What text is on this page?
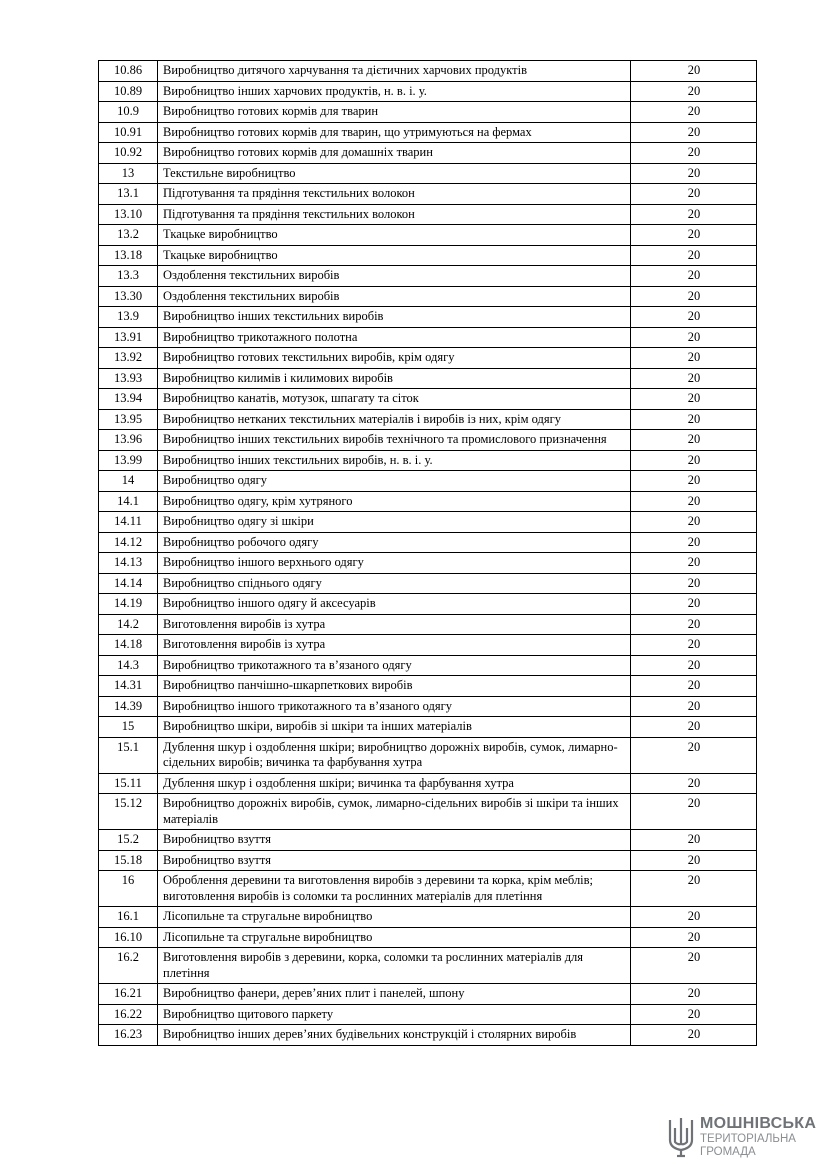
10.86	Виробництво дитячого харчування та дієтичних харчових продуктів	20
10.89	Виробництво інших харчових продуктів, н. в. і. у.	20
10.9	Виробництво готових кормів для тварин	20
10.91	Виробництво готових кормів для тварин, що утримуються на фермах	20
10.92	Виробництво готових кормів для домашніх тварин	20
13	Текстильне виробництво	20
13.1	Підготування та прядіння текстильних волокон	20
13.10	Підготування та прядіння текстильних волокон	20
13.2	Ткацьке виробництво	20
13.18	Ткацьке виробництво	20
13.3	Оздоблення текстильних виробів	20
13.30	Оздоблення текстильних виробів	20
13.9	Виробництво інших текстильних виробів	20
13.91	Виробництво трикотажного полотна	20
13.92	Виробництво готових текстильних виробів, крім одягу	20
13.93	Виробництво килимів і килимових виробів	20
13.94	Виробництво канатів, мотузок, шпагату та сіток	20
13.95	Виробництво нетканих текстильних матеріалів і виробів із них, крім одягу	20
13.96	Виробництво інших текстильних виробів технічного та промислового призначення	20
13.99	Виробництво інших текстильних виробів, н. в. і. у.	20
14	Виробництво одягу	20
14.1	Виробництво одягу, крім хутряного	20
14.11	Виробництво одягу зі шкіри	20
14.12	Виробництво робочого одягу	20
14.13	Виробництво іншого верхнього одягу	20
14.14	Виробництво спіднього одягу	20
14.19	Виробництво іншого одягу й аксесуарів	20
14.2	Виготовлення виробів із хутра	20
14.18	Виготовлення виробів із хутра	20
14.3	Виробництво трикотажного та в’язаного одягу	20
14.31	Виробництво панчішно-шкарпеткових виробів	20
14.39	Виробництво іншого трикотажного та в’язаного одягу	20
15	Виробництво шкіри, виробів зі шкіри та інших матеріалів	20
15.1	Дублення шкур і оздоблення шкіри; виробництво дорожніх виробів, сумок, лимарно-сідельних виробів; вичинка та фарбування хутра	20
15.11	Дублення шкур і оздоблення шкіри; вичинка та фарбування хутра	20
15.12	Виробництво дорожніх виробів, сумок, лимарно-сідельних виробів зі шкіри та інших матеріалів	20
15.2	Виробництво взуття	20
15.18	Виробництво взуття	20
16	Оброблення деревини та виготовлення виробів з деревини та корка, крім меблів; виготовлення виробів із соломки та рослинних матеріалів для плетіння	20
16.1	Лісопильне та стругальне виробництво	20
16.10	Лісопильне та стругальне виробництво	20
16.2	Виготовлення виробів з деревини, корка, соломки та рослинних матеріалів для плетіння	20
16.21	Виробництво фанери, дерев’яних плит і панелей, шпону	20
16.22	Виробництво щитового паркету	20
16.23	Виробництво інших дерев’яних будівельних конструкцій і столярних виробів	20
МОШНІВСЬКА
ТЕРИТОРІАЛЬНА
ГРОМАДА
